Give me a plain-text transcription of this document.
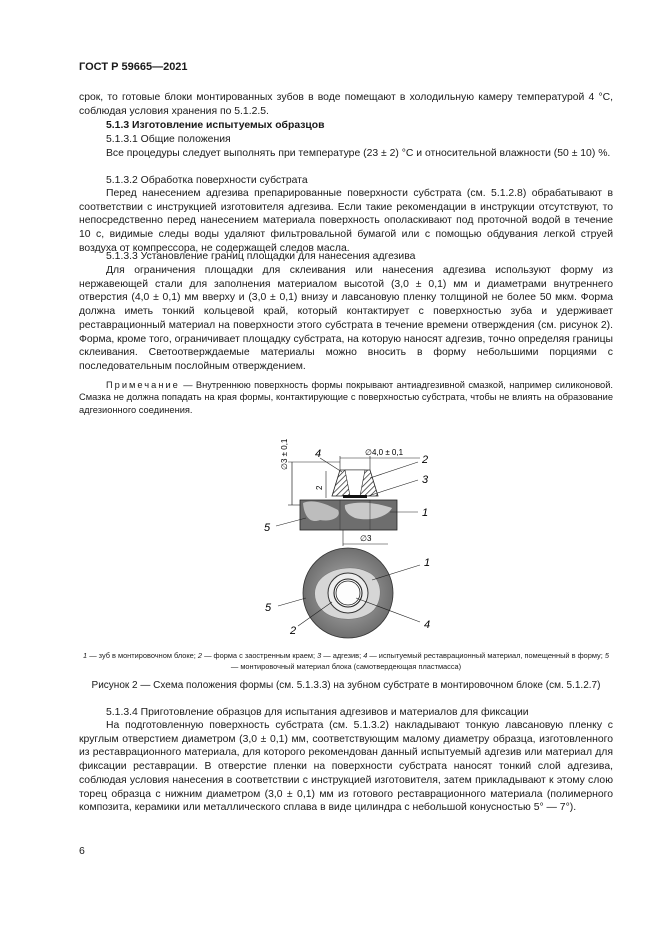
ГОСТ Р 59665—2021

срок, то готовые блоки монтированных зубов в воде помещают в холодильную камеру температурой 4 °С, соблюдая условия хранения по 5.1.2.5.

5.1.3 Изготовление испытуемых образцов

5.1.3.1 Общие положения

Все процедуры следует выполнять при температуре (23 ± 2) °С и относительной влажности (50 ± 10) %.

5.1.3.2 Обработка поверхности субстрата

Перед нанесением адгезива препарированные поверхности субстрата (см. 5.1.2.8) обрабатывают в соответствии с инструкцией изготовителя адгезива. Если такие рекомендации в инструкции отсутствуют, то непосредственно перед нанесением материала поверхность ополаскивают под проточной водой в течение 10 с, видимые следы воды удаляют фильтровальной бумагой или с помощью обдувания легкой струей воздуха от компрессора, не содержащей следов масла.

5.1.3.3 Установление границ площадки для нанесения адгезива

Для ограничения площадки для склеивания или нанесения адгезива используют форму из нержавеющей стали для заполнения материалом высотой (3,0 ± 0,1) мм и диаметрами внутреннего отверстия (4,0 ± 0,1) мм вверху и (3,0 ± 0,1) внизу и лавсановую пленку толщиной не более 50 мкм. Форма должна иметь тонкий кольцевой край, который контактирует с поверхностью зуба и удерживает реставрационный материал на поверхности этого субстрата в течение времени отверждения (см. рисунок 2). Форма, кроме того, ограничивает площадку субстрата, на которую наносят адгезив, точно определяя границы склеивания. Светоотверждаемые материалы можно вносить в форму небольшими порциями с последовательным послойным отверждением.

Примечание — Внутреннюю поверхность формы покрывают антиадгезивной смазкой, например силиконовой. Смазка не должна попадать на края формы, контактирующие с поверхностью субстрата, чтобы не влиять на образование адгезионного соединения.

∅3 ± 0,1
2
∅4,0 ± 0,1
∅3
4	2
3
1
5
1
5
2	4
1 — зуб в монтировочном блоке; 2 — форма с заостренным краем; 3 — адгезив; 4 — испытуемый реставрационный материал, помещенный в форму; 5 — монтировочный материал блока (самотвердеющая пластмасса)
Рисунок 2 — Схема положения формы (см. 5.1.3.3) на зубном субстрате в монтировочном блоке (см. 5.1.2.7)

5.1.3.4 Приготовление образцов для испытания адгезивов и материалов для фиксации

На подготовленную поверхность субстрата (см. 5.1.3.2) накладывают тонкую лавсановую пленку с круглым отверстием диаметром (3,0 ± 0,1) мм, соответствующим малому диаметру образца, изготовленного из реставрационного материала, для которого рекомендован данный испытуемый адгезив или материал для фиксации реставрации. В отверстие пленки на поверхности субстрата наносят тонкий слой адгезива, соблюдая условия нанесения в соответствии с инструкцией изготовителя, затем прикладывают к этому слою торец образца с нижним диаметром (3,0 ± 0,1) мм из готового реставрационного материала (полимерного композита, керамики или металлического сплава в виде цилиндра с небольшой конусностью 5° — 7°).

6
